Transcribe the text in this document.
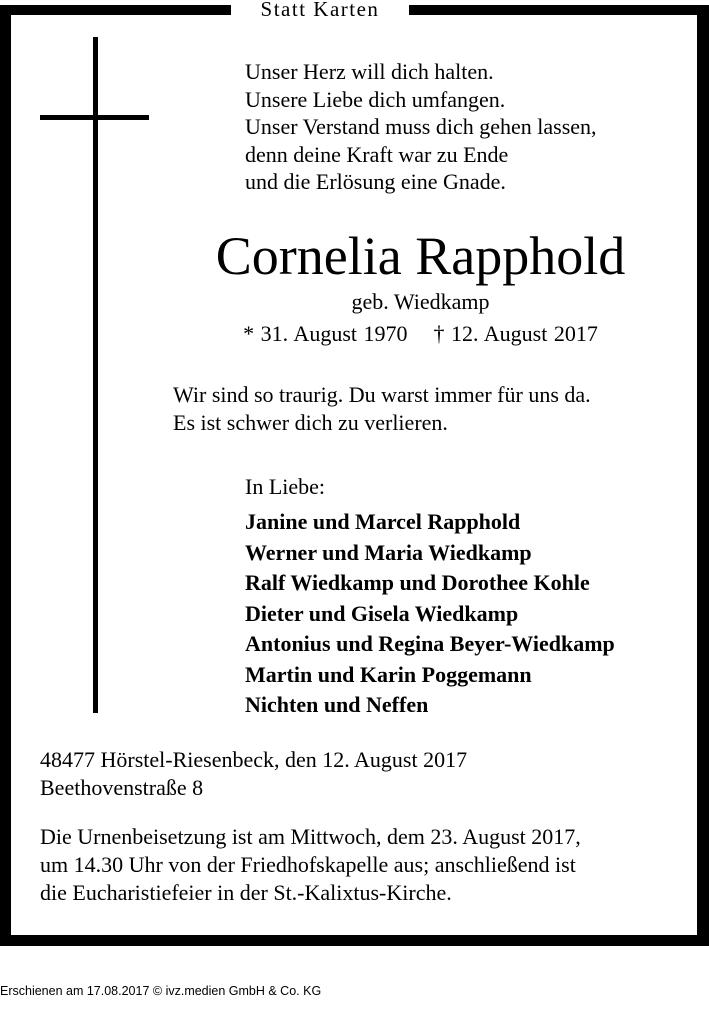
Statt Karten
Unser Herz will dich halten.
Unsere Liebe dich umfangen.
Unser Verstand muss dich gehen lassen,
denn deine Kraft war zu Ende
und die Erlösung eine Gnade.
Cornelia Rapphold
geb. Wiedkamp
* 31. August 1970 † 12. August 2017
Wir sind so traurig. Du warst immer für uns da.
Es ist schwer dich zu verlieren.
In Liebe:
Janine und Marcel Rapphold
Werner und Maria Wiedkamp
Ralf Wiedkamp und Dorothee Kohle
Dieter und Gisela Wiedkamp
Antonius und Regina Beyer-Wiedkamp
Martin und Karin Poggemann
Nichten und Neffen
48477 Hörstel-Riesenbeck, den 12. August 2017
Beethovenstraße 8
Die Urnenbeisetzung ist am Mittwoch, dem 23. August 2017,
um 14.30 Uhr von der Friedhofskapelle aus; anschließend ist
die Eucharistiefeier in der St.-Kalixtus-Kirche.
Erschienen am 17.08.2017 © ivz.medien GmbH & Co. KG
